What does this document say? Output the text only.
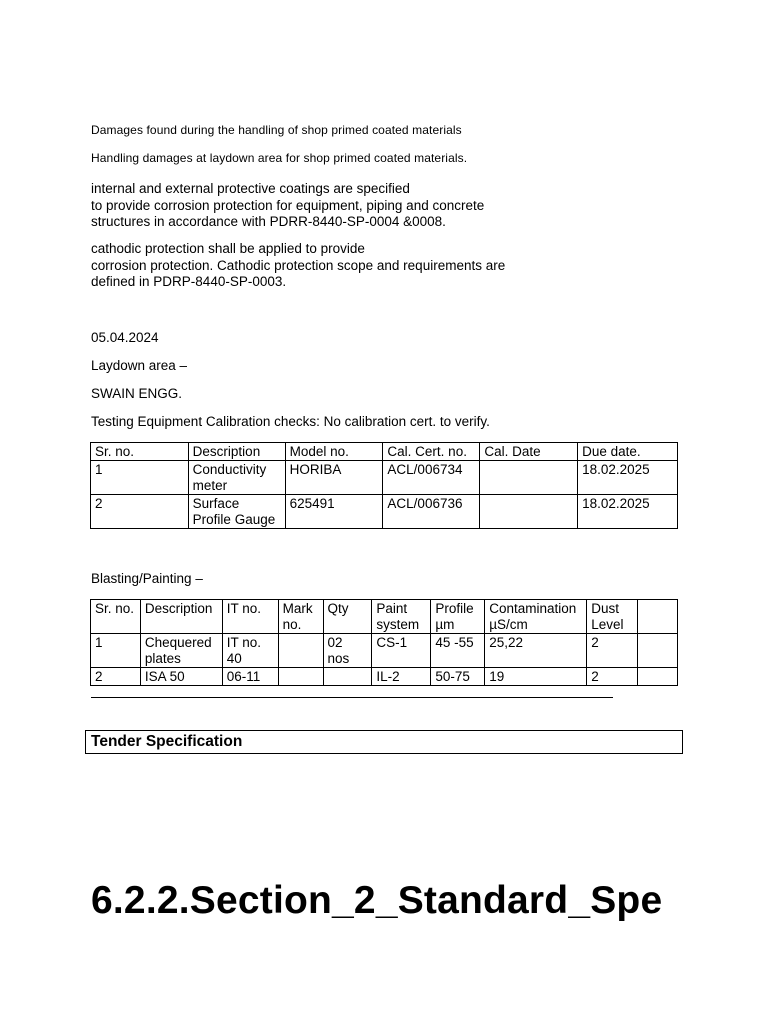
Damages found during the handling of shop primed coated materials
Handling damages at laydown area for shop primed coated materials.
internal and external protective coatings are specified
to provide corrosion protection for equipment, piping and concrete
structures in accordance with PDRR-8440-SP-0004 &0008.
cathodic protection shall be applied to provide
corrosion protection. Cathodic protection scope and requirements are
defined in PDRP-8440-SP-0003.
05.04.2024
Laydown area –
SWAIN ENGG.
Testing Equipment Calibration checks: No calibration cert. to verify.
Sr. no.	Description	Model no.	Cal. Cert. no.	Cal. Date	Due date.
1	Conductivity meter	HORIBA	ACL/006734		18.02.2025
2	Surface Profile Gauge	625491	ACL/006736		18.02.2025
Blasting/Painting –
Sr. no.	Description	IT no.	Mark no.	Qty	Paint system	Profile µm	Contamination µS/cm	Dust Level	
1	Chequered plates	IT no. 40		02 nos	CS-1	45 -55	25,22	2	
2	ISA 50	06-11			IL-2	50-75	19	2	
Tender Specification
6.2.2.Section_2_Standard_Spe
